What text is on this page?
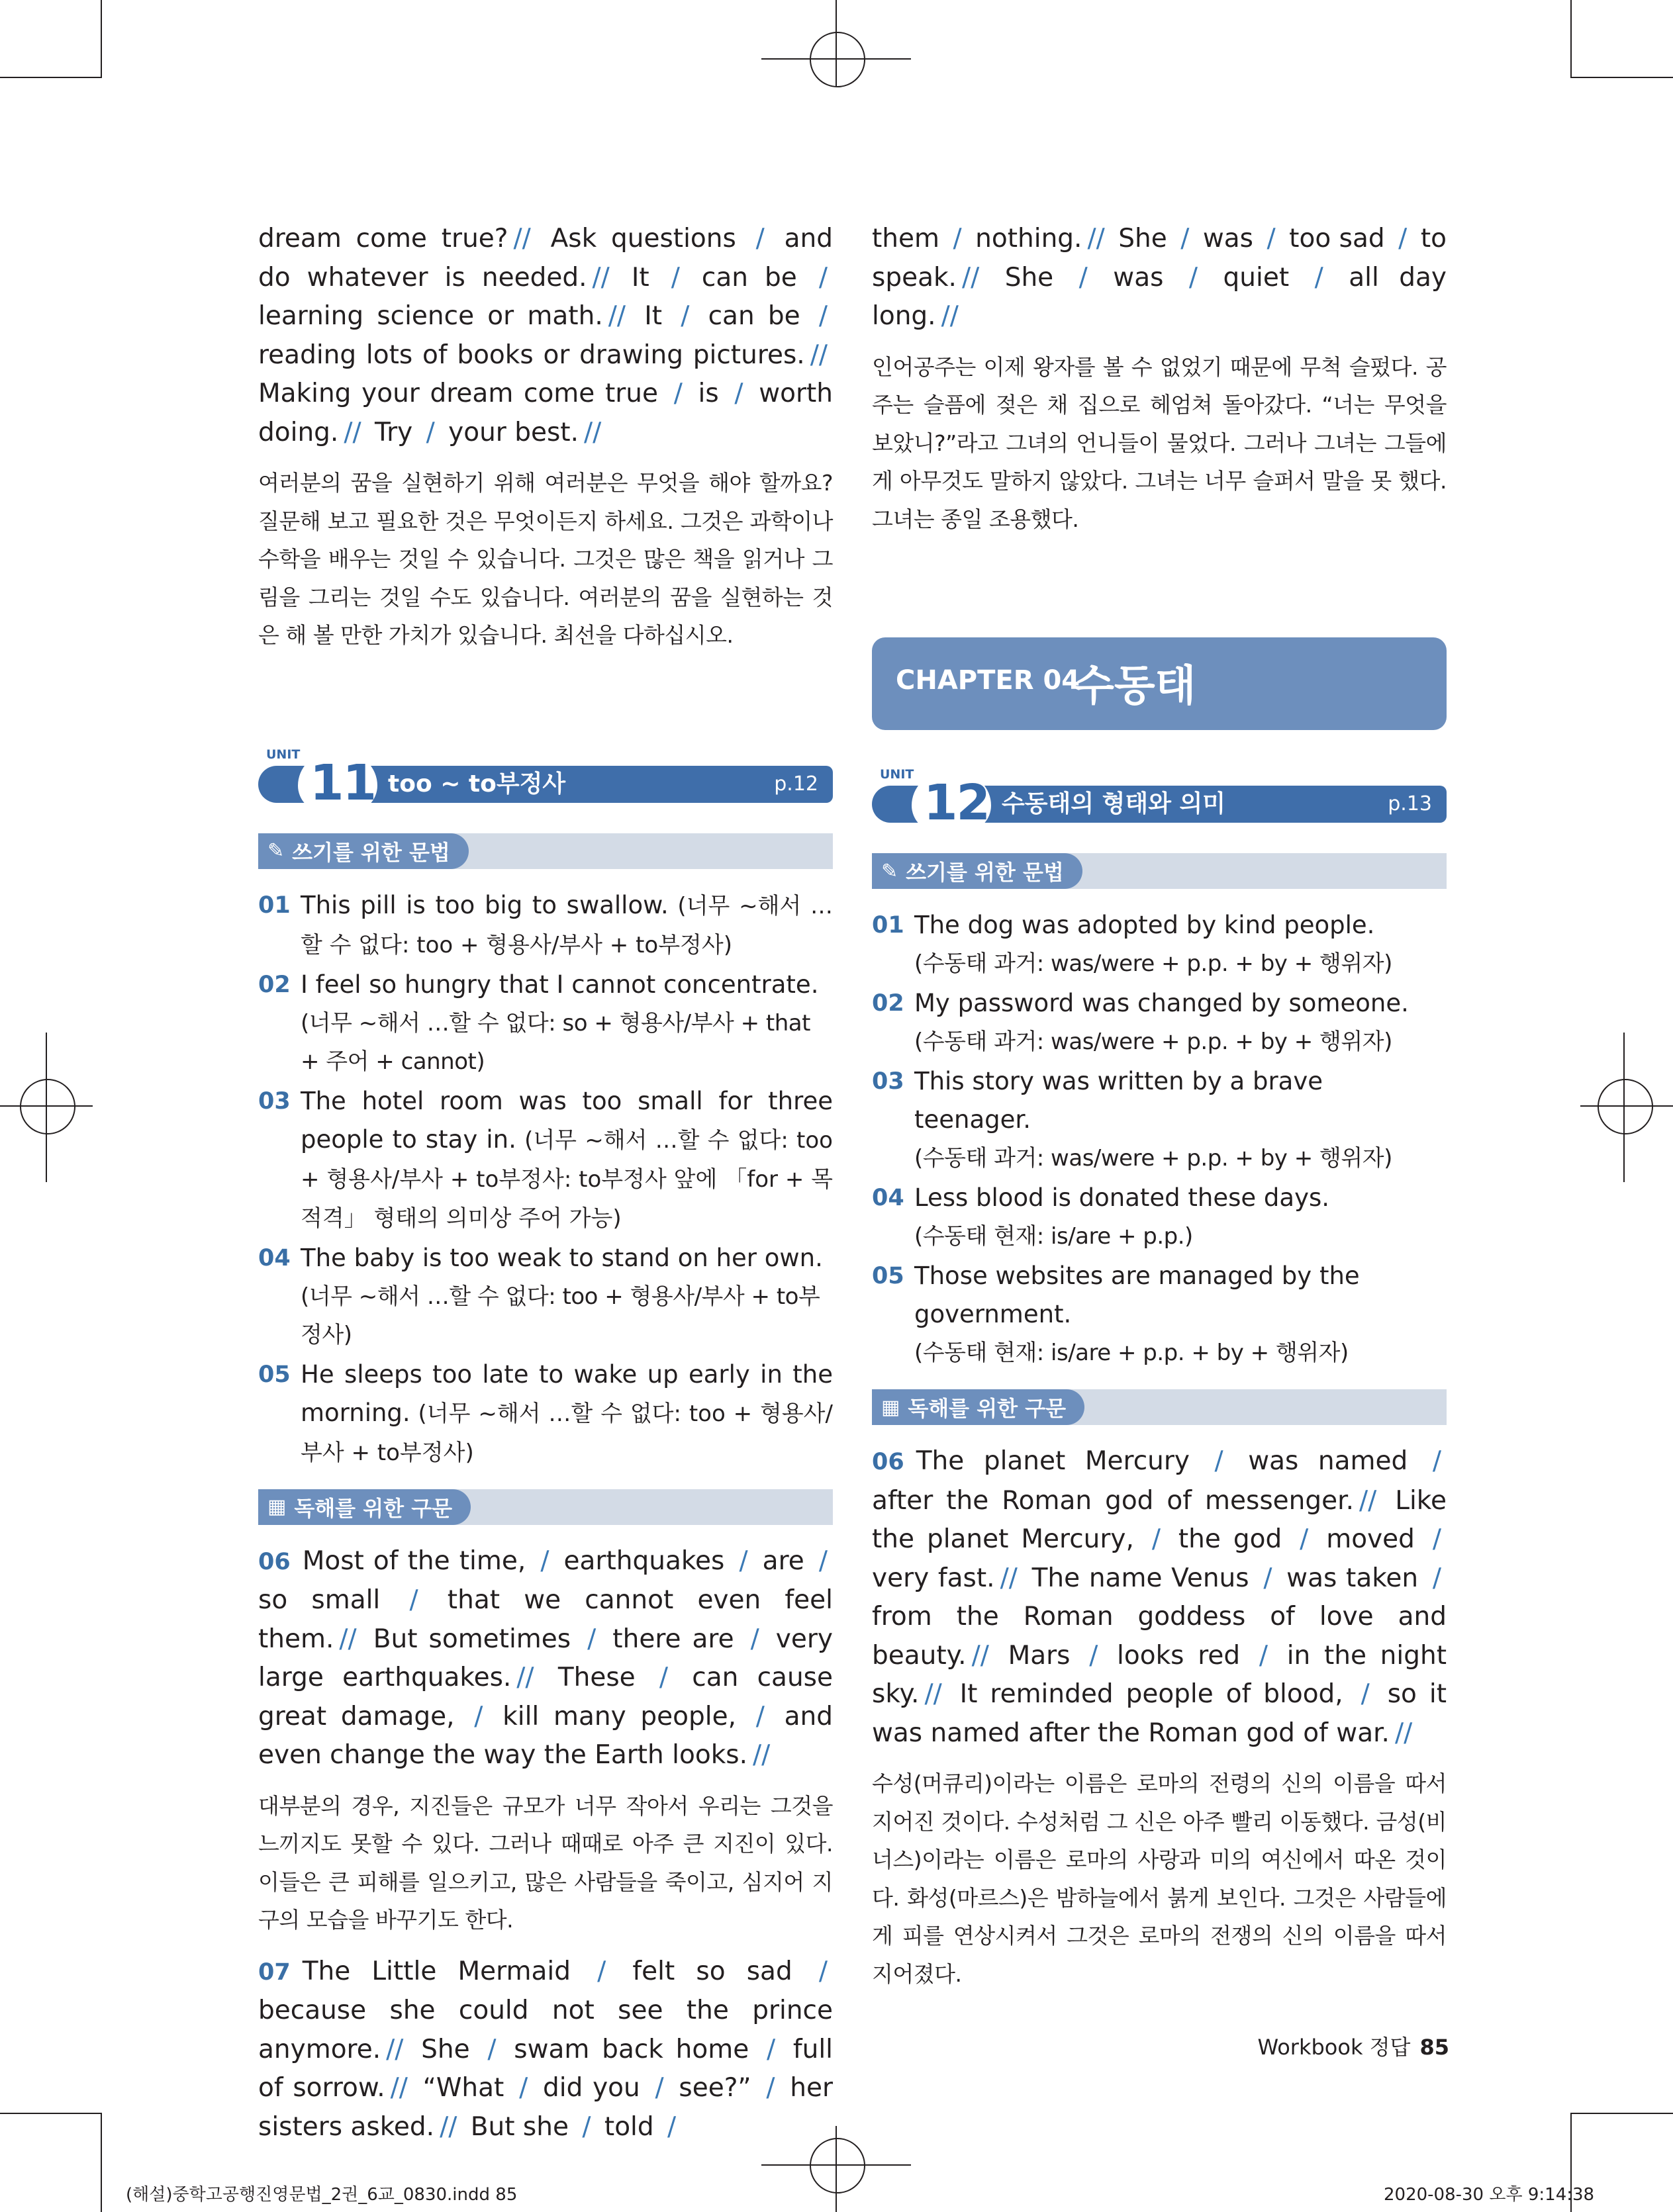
dream come true? // Ask questions / and do whatever is needed. // It / can be / learning science or math. // It / can be / reading lots of books or drawing pictures. // Making your dream come true / is / worth doing. // Try / your best. //

여러분의 꿈을 실현하기 위해 여러분은 무엇을 해야 할까요? 질문해 보고 필요한 것은 무엇이든지 하세요. 그것은 과학이나 수학을 배우는 것일 수 있습니다. 그것은 많은 책을 읽거나 그림을 그리는 것일 수도 있습니다. 여러분의 꿈을 실현하는 것은 해 볼 만한 가치가 있습니다. 최선을 다하십시오.

UNIT 11 too ~ to부정사	p.12
✎ 쓰기를 위한 문법
01 This pill is too big to swallow. (너무 ~해서 …할 수 없다: too + 형용사/부사 + to부정사)
02 I feel so hungry that I cannot concentrate.
(너무 ~해서 …할 수 없다: so + 형용사/부사 + that + 주어 + cannot)
03 The hotel room was too small for three people to stay in. (너무 ~해서 …할 수 없다: too + 형용사/부사 + to부정사: to부정사 앞에 「for + 목적격」 형태의 의미상 주어 가능)
04 The baby is too weak to stand on her own.
(너무 ~해서 …할 수 없다: too + 형용사/부사 + to부정사)
05 He sleeps too late to wake up early in the morning. (너무 ~해서 …할 수 없다: too + 형용사/부사 + to부정사)
▦ 독해를 위한 구문

06 Most of the time, / earthquakes / are / so small / that we cannot even feel them. // But sometimes / there are / very large earthquakes. // These / can cause great damage, / kill many people, / and even change the way the Earth looks. //

대부분의 경우, 지진들은 규모가 너무 작아서 우리는 그것을 느끼지도 못할 수 있다. 그러나 때때로 아주 큰 지진이 있다. 이들은 큰 피해를 일으키고, 많은 사람들을 죽이고, 심지어 지구의 모습을 바꾸기도 한다.

07 The Little Mermaid / felt so sad / because she could not see the prince anymore. // She / swam back home / full of sorrow. // “What / did you / see?” / her sisters asked. // But she / told /

them / nothing. // She / was / too sad / to speak. // She / was / quiet / all day long. //

인어공주는 이제 왕자를 볼 수 없었기 때문에 무척 슬펐다. 공주는 슬픔에 젖은 채 집으로 헤엄쳐 돌아갔다. “너는 무엇을 보았니?”라고 그녀의 언니들이 물었다. 그러나 그녀는 그들에게 아무것도 말하지 않았다. 그녀는 너무 슬퍼서 말을 못 했다. 그녀는 종일 조용했다.

CHAPTER 04
수동태
UNIT 12 수동태의 형태와 의미	p.13
✎ 쓰기를 위한 문법
01 The dog was adopted by kind people.
(수동태 과거: was/were + p.p. + by + 행위자)
02 My password was changed by someone.
(수동태 과거: was/were + p.p. + by + 행위자)
03 This story was written by a brave teenager.
(수동태 과거: was/were + p.p. + by + 행위자)
04 Less blood is donated these days.
(수동태 현재: is/are + p.p.)
05 Those websites are managed by the government.
(수동태 현재: is/are + p.p. + by + 행위자)
▦ 독해를 위한 구문

06 The planet Mercury / was named / after the Roman god of messenger. // Like the planet Mercury, / the god / moved / very fast. // The name Venus / was taken / from the Roman goddess of love and beauty. // Mars / looks red / in the night sky. // It reminded people of blood, / so it was named after the Roman god of war. //

수성(머큐리)이라는 이름은 로마의 전령의 신의 이름을 따서 지어진 것이다. 수성처럼 그 신은 아주 빨리 이동했다. 금성(비너스)이라는 이름은 로마의 사랑과 미의 여신에서 따온 것이다. 화성(마르스)은 밤하늘에서 붉게 보인다. 그것은 사람들에게 피를 연상시켜서 그것은 로마의 전쟁의 신의 이름을 따서 지어졌다.

Workbook 정답 85
(해설)중학고공행진영문법_2권_6교_0830.indd 85	2020-08-30 오후 9:14:38
